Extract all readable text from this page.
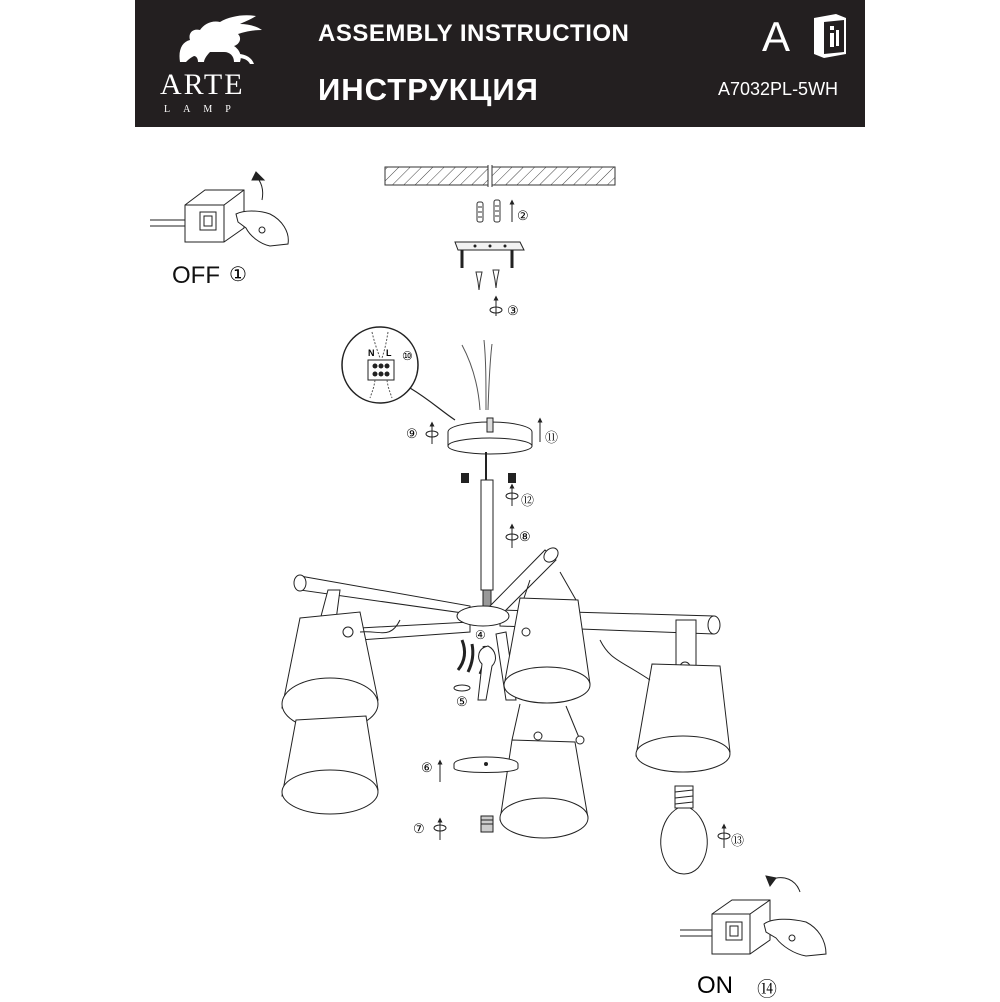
ARTE
LAMP
ASSEMBLY INSTRUCTION
ИНСТРУКЦИЯ
A
A7032PL-5WH
OFF ①
ON ⑭
②
③
④
⑤
⑥
⑦
⑧
⑨
⑩
⑪
⑫
⑬
N L
